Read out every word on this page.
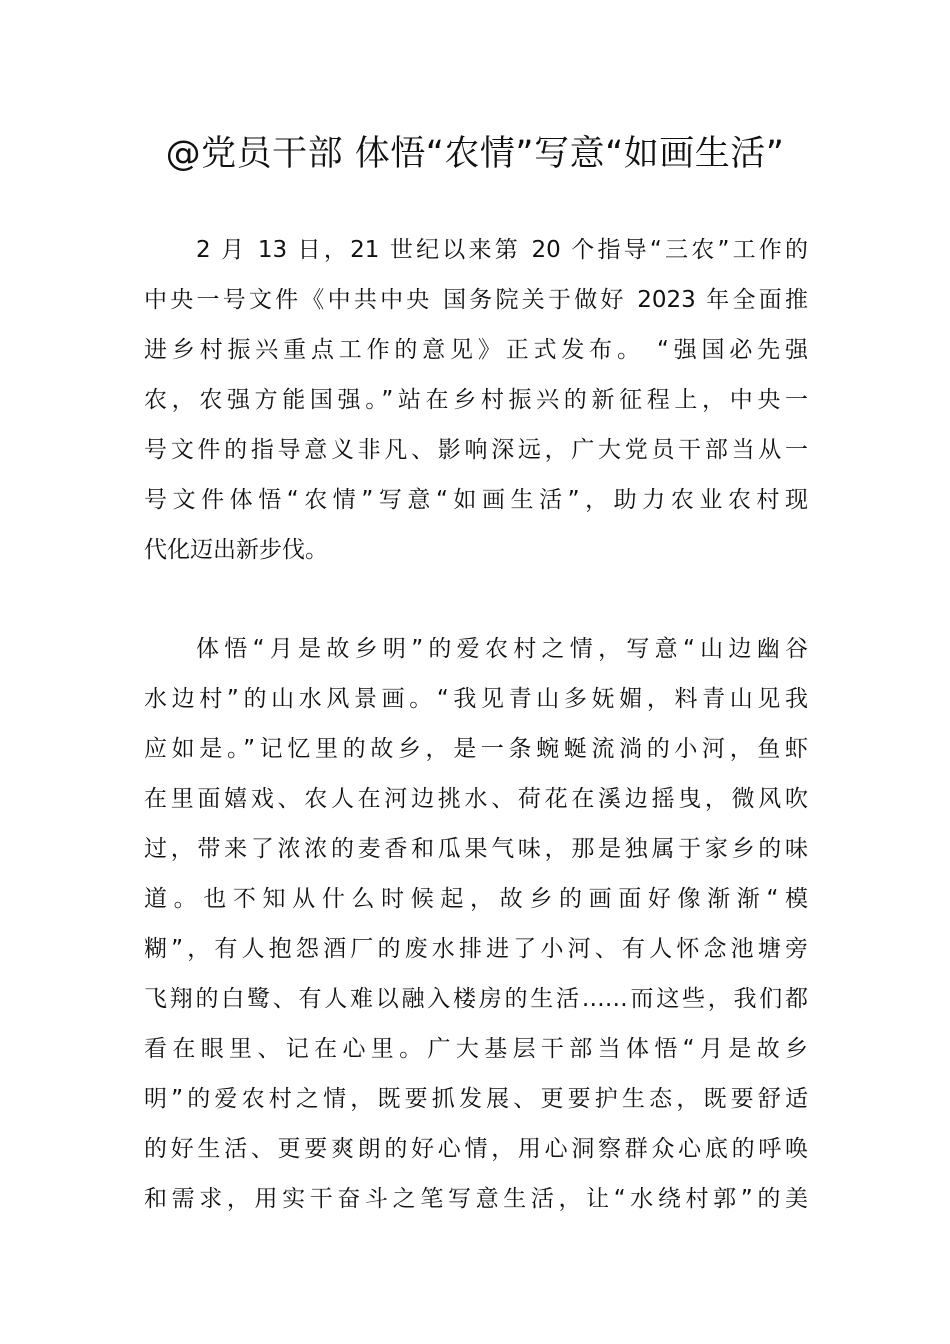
@党员干部 体悟“农情”写意“如画生活”
2 月 13 日，21 世纪以来第 20 个指导“三农”工作的
中央一号文件《中共中央 国务院关于做好 2023 年全面推
进乡村振兴重点工作的意见》正式发布。 “强国必先强
农，农强方能国强。”站在乡村振兴的新征程上，中央一
号文件的指导意义非凡、影响深远，广大党员干部当从一
号文件体悟“农情”写意“如画生活”，助力农业农村现
代化迈出新步伐。
体悟“月是故乡明”的爱农村之情，写意“山边幽谷
水边村”的山水风景画。“我见青山多妩媚，料青山见我
应如是。”记忆里的故乡，是一条蜿蜒流淌的小河，鱼虾
在里面嬉戏、农人在河边挑水、荷花在溪边摇曳，微风吹
过，带来了浓浓的麦香和瓜果气味，那是独属于家乡的味
道。也不知从什么时候起，故乡的画面好像渐渐“模
糊”，有人抱怨酒厂的废水排进了小河、有人怀念池塘旁
飞翔的白鹭、有人难以融入楼房的生活……而这些，我们都
看在眼里、记在心里。广大基层干部当体悟“月是故乡
明”的爱农村之情，既要抓发展、更要护生态，既要舒适
的好生活、更要爽朗的好心情，用心洞察群众心底的呼唤
和需求，用实干奋斗之笔写意生活，让“水绕村郭”的美
